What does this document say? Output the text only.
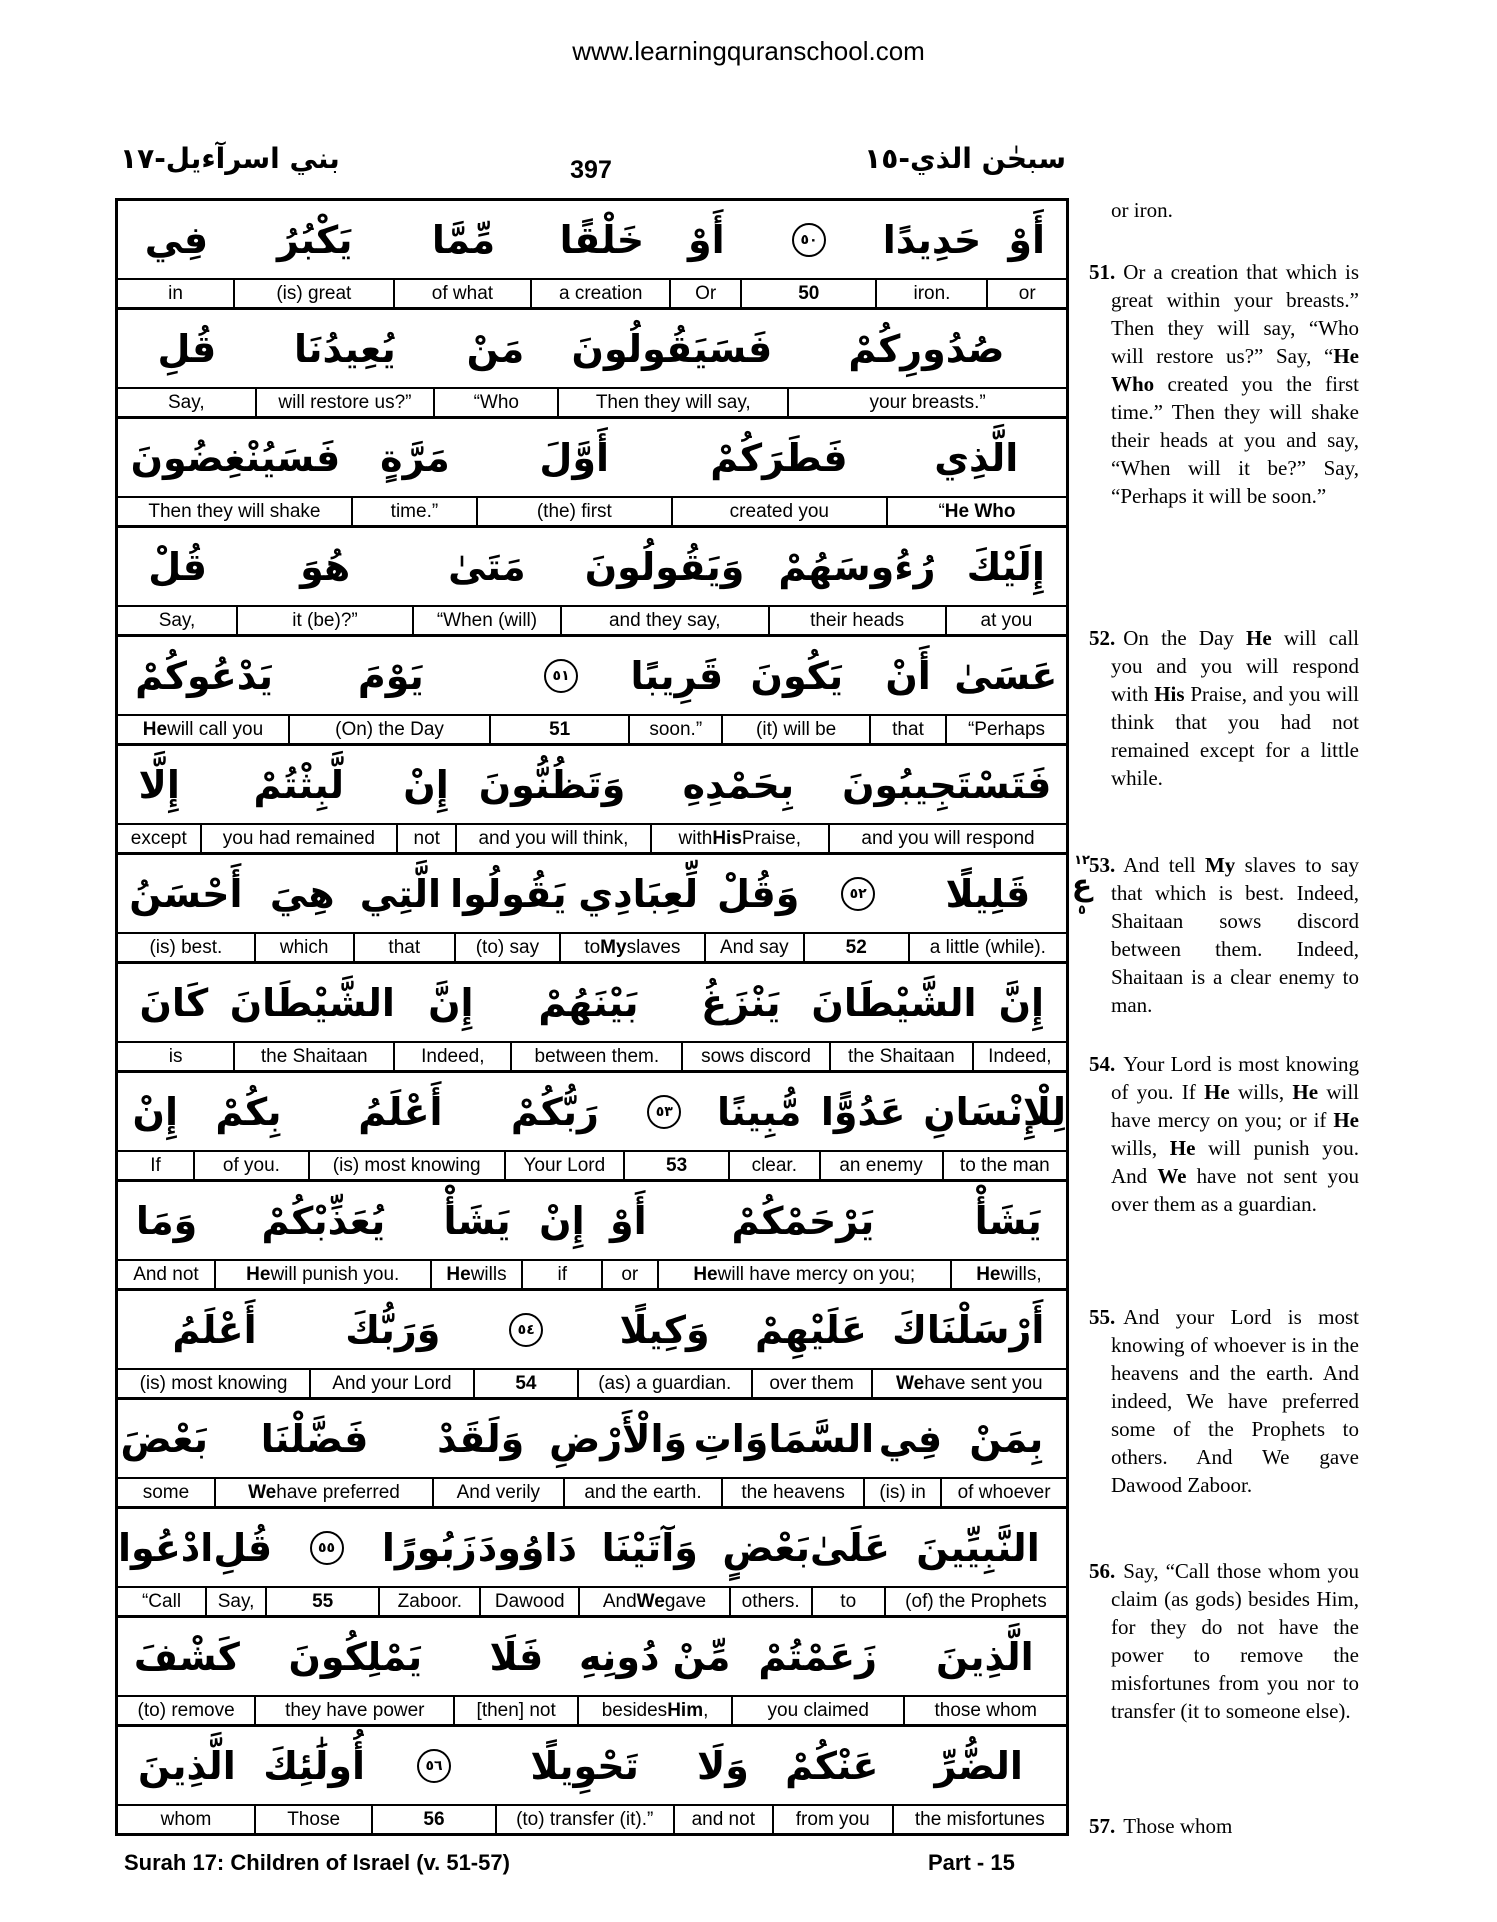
www.learningquranschool.com
سبحٰن الذي-١٥
بني اسرآءيل-١٧	397
أَوْ
حَدِيدًا
٥٠
أَوْ
خَلْقًا
مِّمَّا
يَكْبُرُ
فِي
or
iron.
50
Or
a creation
of what
(is) great
in
صُدُورِكُمْ
فَسَيَقُولُونَ
مَنْ
يُعِيدُنَا
قُلِ
your breasts.”
Then they will say,
“Who
will restore us?”
Say,
الَّذِي
فَطَرَكُمْ
أَوَّلَ
مَرَّةٍ
فَسَيُنْغِضُونَ
“ He Who
created you
(the) first
time.”
Then they will shake
إِلَيْكَ
رُءُوسَهُمْ
وَيَقُولُونَ
مَتَىٰ
هُوَ
قُلْ
at you
their heads
and they say,
“When (will)
it (be)?”
Say,
عَسَىٰ
أَنْ
يَكُونَ
قَرِيبًا
٥١
يَوْمَ
يَدْعُوكُمْ
“Perhaps
that
(it) will be
soon.”
51
(On) the Day
He will call you
فَتَسْتَجِيبُونَ
بِحَمْدِهِ
وَتَظُنُّونَ
إِنْ
لَّبِثْتُمْ
إِلَّا
and you will respond
with His Praise,
and you will think,
not
you had remained
except
قَلِيلًا
٥٢
وَقُلْ
لِّعِبَادِي
يَقُولُوا
الَّتِي
هِيَ
أَحْسَنُ
a little (while).
52
And say
to My slaves
(to) say
that
which
(is) best.
إِنَّ
الشَّيْطَانَ
يَنْزَغُ
بَيْنَهُمْ
إِنَّ
الشَّيْطَانَ
كَانَ
Indeed,
the Shaitaan
sows discord
between them.
Indeed,
the Shaitaan
is
لِلْإِنْسَانِ
عَدُوًّا
مُّبِينًا
٥٣
رَبُّكُمْ
أَعْلَمُ
بِكُمْ
إِنْ
to the man
an enemy
clear.
53
Your Lord
(is) most knowing
of you.
If
يَشَأْ
يَرْحَمْكُمْ
أَوْ
إِنْ
يَشَأْ
يُعَذِّبْكُمْ
وَمَا
He wills,
He will have mercy on you;
or
if
He wills
He will punish you.
And not
أَرْسَلْنَاكَ
عَلَيْهِمْ
وَكِيلًا
٥٤
وَرَبُّكَ
أَعْلَمُ
We have sent you
over them
(as) a guardian.
54
And your Lord
(is) most knowing
بِمَنْ
فِي
السَّمَاوَاتِ
وَالْأَرْضِ
وَلَقَدْ
فَضَّلْنَا
بَعْضَ
of whoever
(is) in
the heavens
and the earth.
And verily
We have preferred
some
النَّبِيِّينَ
عَلَىٰ
بَعْضٍ
وَآتَيْنَا
دَاوُودَ
زَبُورًا
٥٥
قُلِ
ادْعُوا
(of) the Prophets
to
others.
And We gave
Dawood
Zaboor.
55
Say,
“Call
الَّذِينَ
زَعَمْتُمْ
مِّنْ دُونِهِ
فَلَا
يَمْلِكُونَ
كَشْفَ
those whom
you claimed
besides Him ,
[then] not
they have power
(to) remove
الضُّرِّ
عَنْكُمْ
وَلَا
تَحْوِيلًا
٥٦
أُولَٰئِكَ
الَّذِينَ
the misfortunes
from you
and not
(to) transfer (it).”
56
Those
whom
or iron.
51. Or a creation that which is great within your breasts.” Then they will say, “Who will restore us?” Say, “He Who created you the first time.” Then they will shake their heads at you and say, “When will it be?” Say, “Perhaps it will be soon.”
52. On the Day He will call you and you will respond with His Praise, and you will think that you had not remained except for a little while.
53. And tell My slaves to say that which is best. Indeed, Shaitaan sows discord between them. Indeed, Shaitaan is a clear enemy to man.
54. Your Lord is most knowing of you. If He wills, He will have mercy on you; or if He wills, He will punish you. And We have not sent you over them as a guardian.
55. And your Lord is most knowing of whoever is in the heavens and the earth. And indeed, We have preferred some of the Prophets to others. And We gave Dawood Zaboor.
56. Say, “Call those whom you claim (as gods) besides Him, for they do not have the power to remove the misfortunes from you nor to transfer (it to someone else).
57. Those whom
١٢
ع
٥
Surah 17: Children of Israel (v. 51-57)	Part - 15
